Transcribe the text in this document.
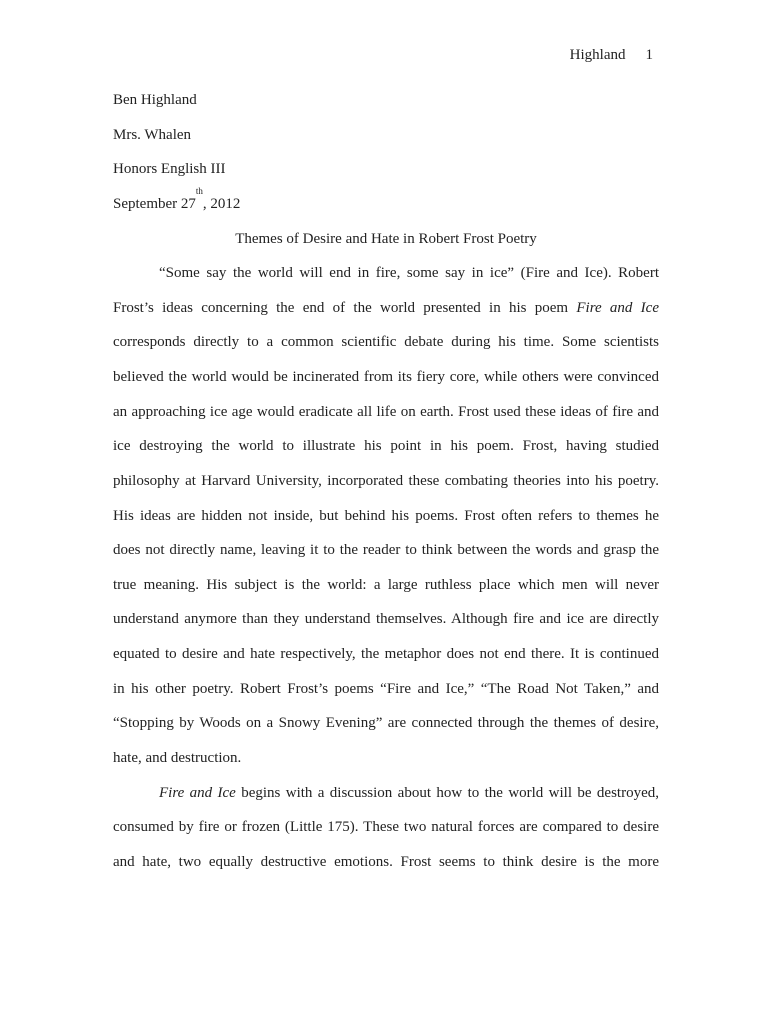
Highland 1
Ben Highland
Mrs. Whalen
Honors English III
September 27th, 2012
Themes of Desire and Hate in Robert Frost Poetry
“Some say the world will end in fire, some say in ice” (Fire and Ice). Robert
Frost’s ideas concerning the end of the world presented in his poem Fire and Ice
corresponds directly to a common scientific debate during his time. Some scientists
believed the world would be incinerated from its fiery core, while others were convinced
an approaching ice age would eradicate all life on earth. Frost used these ideas of fire and
ice destroying the world to illustrate his point in his poem. Frost, having studied
philosophy at Harvard University, incorporated these combating theories into his poetry.
His ideas are hidden not inside, but behind his poems. Frost often refers to themes he
does not directly name, leaving it to the reader to think between the words and grasp the
true meaning. His subject is the world: a large ruthless place which men will never
understand anymore than they understand themselves. Although fire and ice are directly
equated to desire and hate respectively, the metaphor does not end there. It is continued
in his other poetry. Robert Frost’s poems “Fire and Ice,” “The Road Not Taken,” and
“Stopping by Woods on a Snowy Evening” are connected through the themes of desire,
hate, and destruction.
Fire and Ice begins with a discussion about how to the world will be destroyed,
consumed by fire or frozen (Little 175). These two natural forces are compared to desire
and hate, two equally destructive emotions. Frost seems to think desire is the more
